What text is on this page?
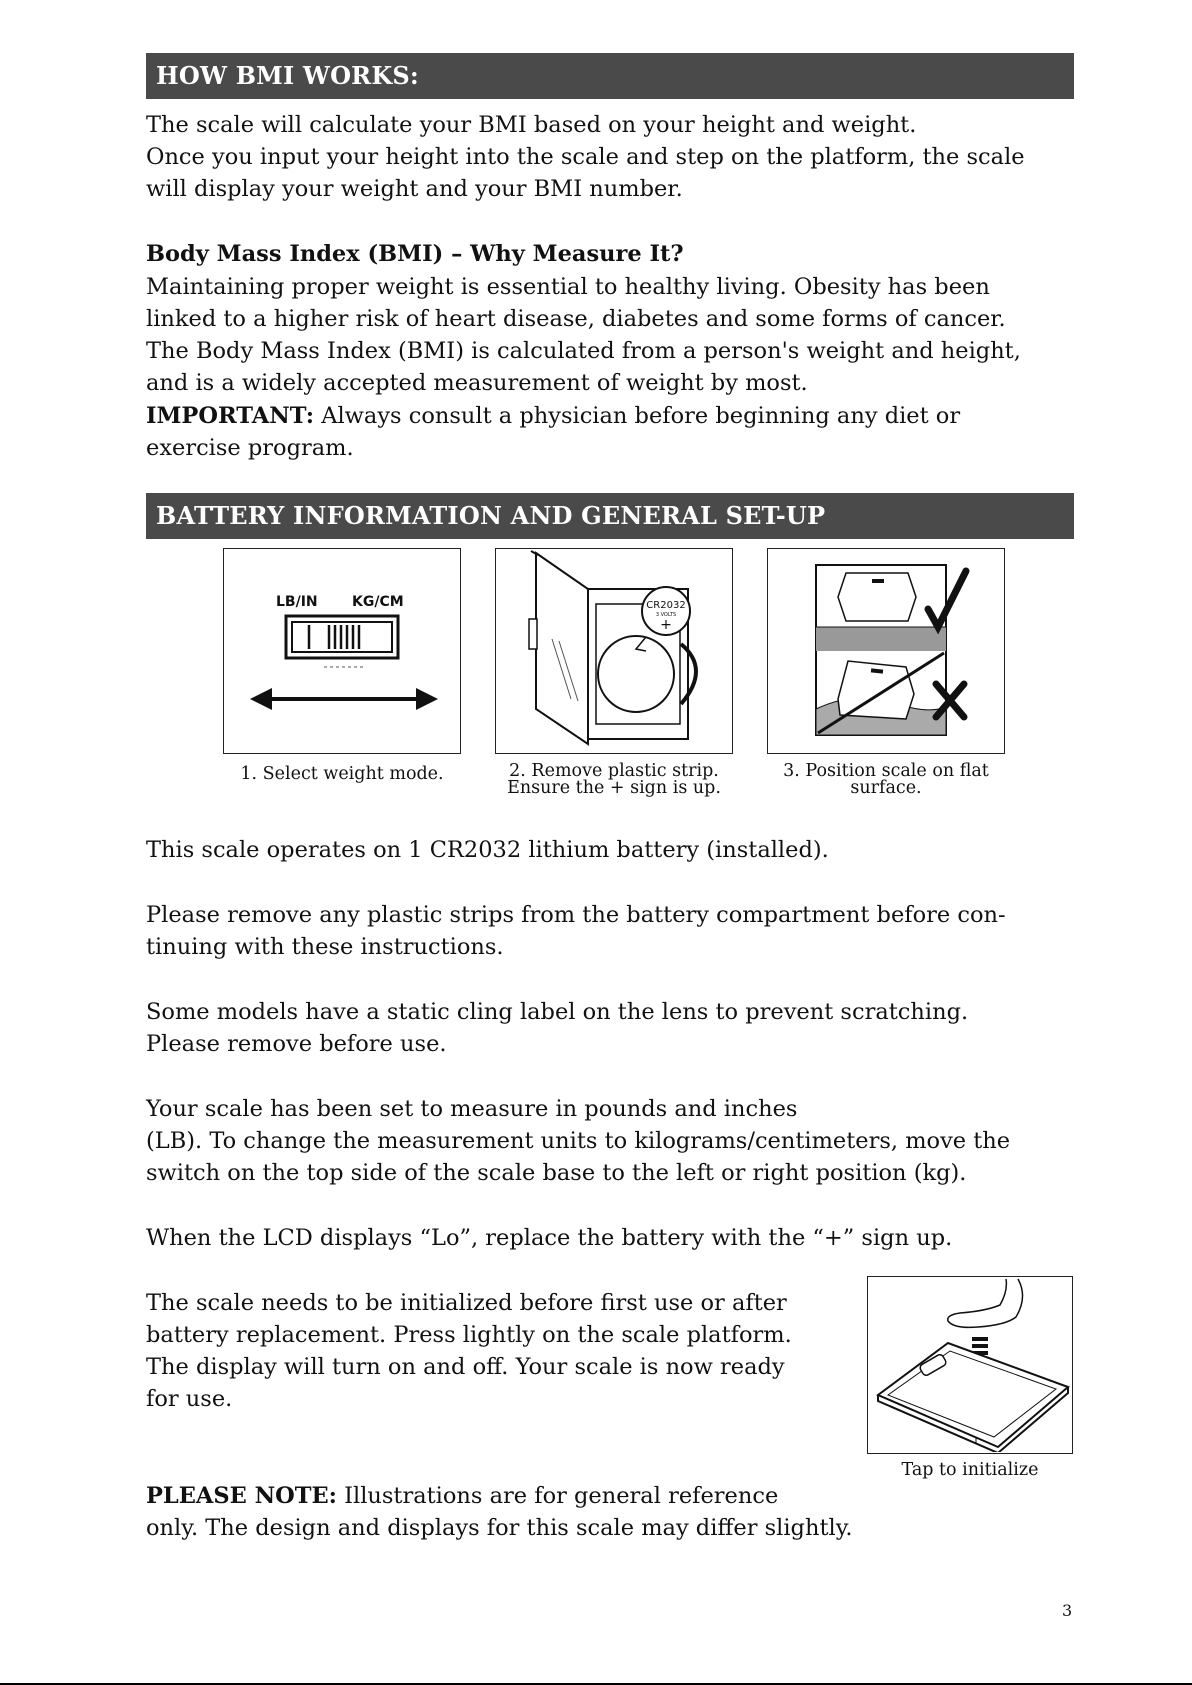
HOW BMI WORKS:

The scale will calculate your BMI based on your height and weight.

Once you input your height into the scale and step on the platform, the scale

will display your weight and your BMI number.

Body Mass Index (BMI) – Why Measure It?

Maintaining proper weight is essential to healthy living. Obesity has been

linked to a higher risk of heart disease, diabetes and some forms of cancer.

The Body Mass Index (BMI) is calculated from a person's weight and height,

and is a widely accepted measurement of weight by most.

IMPORTANT: Always consult a physician before beginning any diet or

exercise program.

BATTERY INFORMATION AND GENERAL SET-UP
LB/IN KG/CM
1. Select weight mode.
CR2032
3 VOLTS
+
2. Remove plastic strip.
Ensure the + sign is up.
3. Position scale on flat
surface.

This scale operates on 1 CR2032 lithium battery (installed).

Please remove any plastic strips from the battery compartment before con-

tinuing with these instructions.

Some models have a static cling label on the lens to prevent scratching.

Please remove before use.

Your scale has been set to measure in pounds and inches

(LB). To change the measurement units to kilograms/centimeters, move the

switch on the top side of the scale base to the left or right position (kg).

When the LCD displays “Lo”, replace the battery with the “+” sign up.

The scale needs to be initialized before first use or after

battery replacement. Press lightly on the scale platform.

The display will turn on and off. Your scale is now ready

for use.

Tap to initialize

PLEASE NOTE: Illustrations are for general reference

only. The design and displays for this scale may differ slightly.

3
